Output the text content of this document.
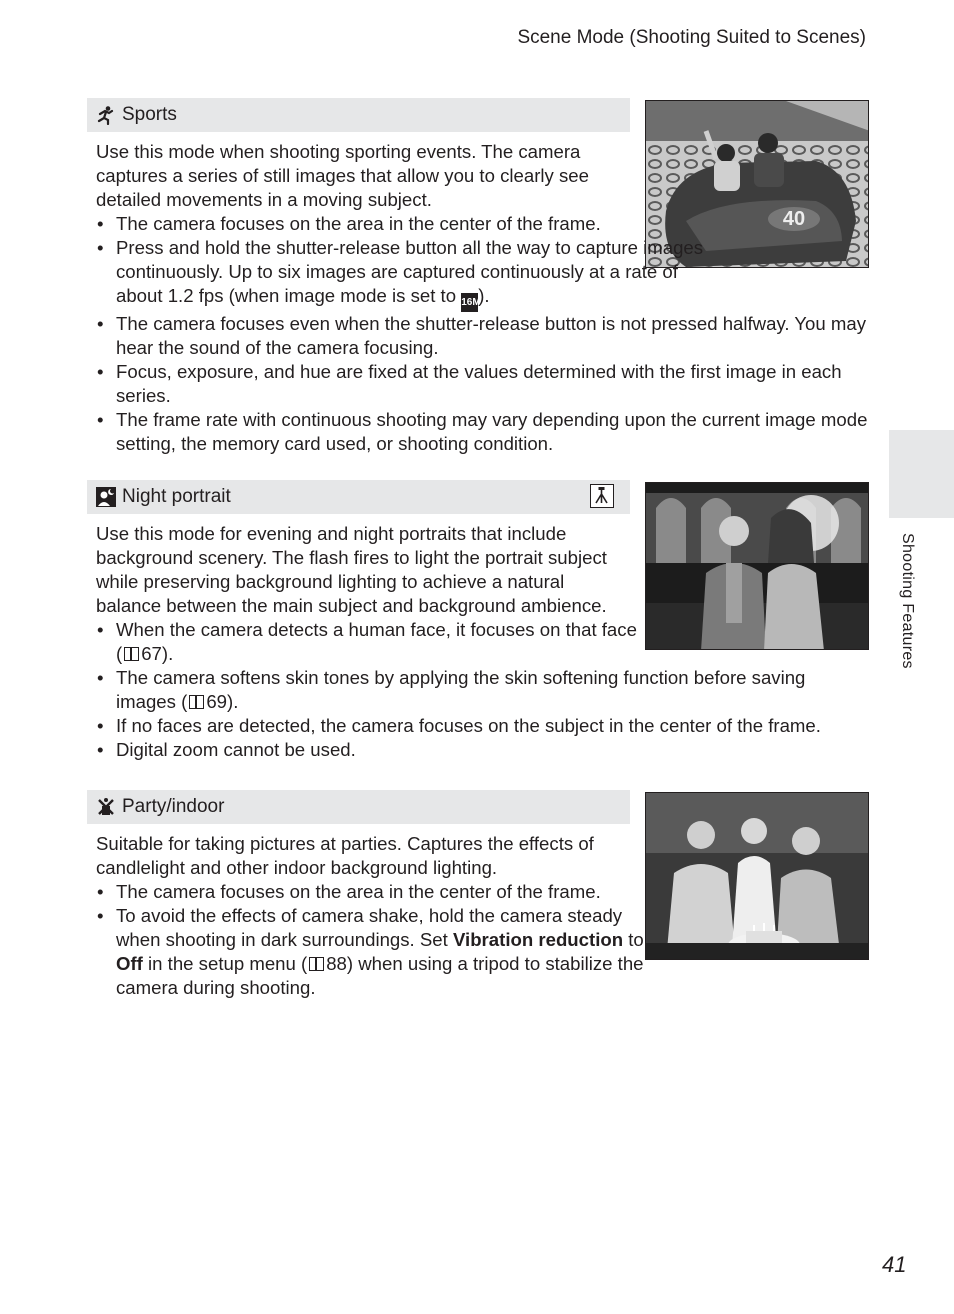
Scene Mode (Shooting Suited to Scenes)
Sports
40
Use this mode when shooting sporting events. The camera captures a series of still images that allow you to clearly see detailed movements in a moving subject.
• The camera focuses on the area in the center of the frame.
• Press and hold the shutter-release button all the way to capture images continuously. Up to six images are captured continuously at a rate of about 1.2 fps (when image mode is set to 16M).
• The camera focuses even when the shutter-release button is not pressed halfway. You may hear the sound of the camera focusing.
• Focus, exposure, and hue are fixed at the values determined with the first image in each series.
• The frame rate with continuous shooting may vary depending upon the current image mode setting, the memory card used, or shooting condition.
Night portrait
Use this mode for evening and night portraits that include background scenery. The flash fires to light the portrait subject while preserving background lighting to achieve a natural balance between the main subject and background ambience.
• When the camera detects a human face, it focuses on that face ( 67).
• The camera softens skin tones by applying the skin softening function before saving images ( 69).
• If no faces are detected, the camera focuses on the subject in the center of the frame.
• Digital zoom cannot be used.
Party/indoor
Suitable for taking pictures at parties. Captures the effects of candlelight and other indoor background lighting.
• The camera focuses on the area in the center of the frame.
• To avoid the effects of camera shake, hold the camera steady when shooting in dark surroundings. Set Vibration reduction to Off in the setup menu ( 88) when using a tripod to stabilize the camera during shooting.
Shooting Features
41
